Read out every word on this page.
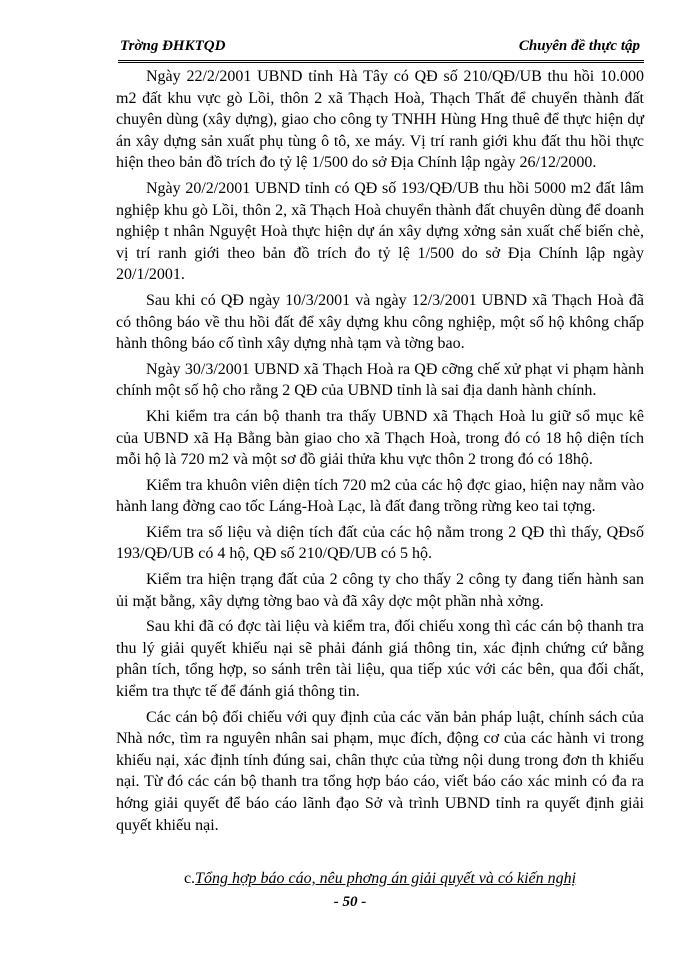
Trờng ĐHKTQD	Chuyên đề thực tập

Ngày 22/2/2001 UBND tỉnh Hà Tây có QĐ số 210/QĐ/UB thu hồi 10.000 m2 đất khu vực gò Lồi, thôn 2 xã Thạch Hoà, Thạch Thất để chuyển thành đất chuyên dùng (xây dựng), giao cho công ty TNHH Hùng Hng thuê để thực hiện dự án xây dựng sản xuất phụ tùng ô tô, xe máy. Vị trí ranh giới khu đất thu hồi thực hiện theo bản đồ trích đo tỷ lệ 1/500 do sở Địa Chính lập ngày 26/12/2000.

Ngày 20/2/2001 UBND tỉnh có QĐ số 193/QĐ/UB thu hồi 5000 m2 đất lâm nghiệp khu gò Lồi, thôn 2, xã Thạch Hoà chuyển thành đất chuyên dùng để doanh nghiệp t nhân Nguyệt Hoà thực hiện dự án xây dựng xởng sản xuất chế biến chè, vị trí ranh giới theo bản đồ trích đo tỷ lệ 1/500 do sở Địa Chính lập ngày 20/1/2001.

Sau khi có QĐ ngày 10/3/2001 và ngày 12/3/2001 UBND xã Thạch Hoà đã có thông báo về thu hồi đất để xây dựng khu công nghiệp, một số hộ không chấp hành thông báo cố tình xây dựng nhà tạm và tờng bao.

Ngày 30/3/2001 UBND xã Thạch Hoà ra QĐ cỡng chế xử phạt vi phạm hành chính một số hộ cho rằng 2 QĐ của UBND tỉnh là sai địa danh hành chính.

Khi kiểm tra cán bộ thanh tra thấy UBND xã Thạch Hoà lu giữ sổ mục kê của UBND xã Hạ Bằng bàn giao cho xã Thạch Hoà, trong đó có 18 hộ diện tích mỗi hộ là 720 m2 và một sơ đồ giải thửa khu vực thôn 2 trong đó có 18hộ.

Kiểm tra khuôn viên diện tích 720 m2 của các hộ đợc giao, hiện nay nằm vào hành lang đờng cao tốc Láng-Hoà Lạc, là đất đang trồng rừng keo tai tợng.

Kiểm tra số liệu và diện tích đất của các hộ nằm trong 2 QĐ thì thấy, QĐsố 193/QĐ/UB có 4 hộ, QĐ số 210/QĐ/UB có 5 hộ.

Kiểm tra hiện trạng đất của 2 công ty cho thấy 2 công ty đang tiến hành san ủi mặt bằng, xây dựng tờng bao và đã xây dợc một phần nhà xởng.

Sau khi đã có đợc tài liệu và kiểm tra, đối chiếu xong thì các cán bộ thanh tra thu lý giải quyết khiếu nại sẽ phải đánh giá thông tin, xác định chứng cứ bằng phân tích, tổng hợp, so sánh trên tài liệu, qua tiếp xúc với các bên, qua đối chất, kiểm tra thực tế để đánh giá thông tin.

Các cán bộ đối chiếu với quy định của các văn bản pháp luật, chính sách của Nhà nớc, tìm ra nguyên nhân sai phạm, mục đích, động cơ của các hành vi trong khiếu nại, xác định tính đúng sai, chân thực của từng nội dung trong đơn th khiếu nại. Từ đó các cán bộ thanh tra tổng hợp báo cáo, viết báo cáo xác minh có đa ra hớng giải quyết để báo cáo lãnh đạo Sở và trình UBND tỉnh ra quyết định giải quyết khiếu nại.

c.Tổng hợp báo cáo, nêu phơng án giải quyết và có kiến nghị
- 50 -
